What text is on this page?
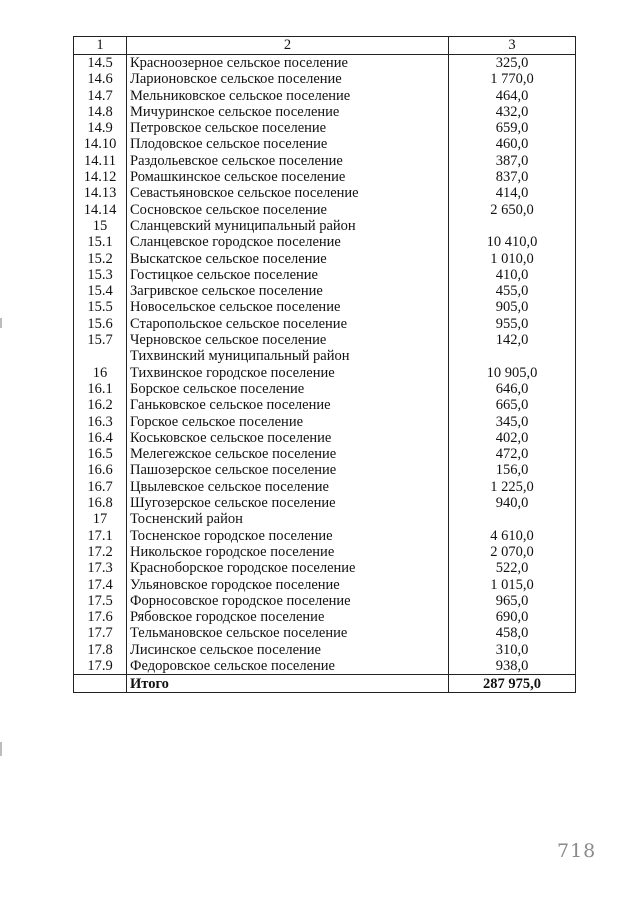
1	2	3
14.5	Красноозерное сельское поселение	325,0
14.6	Ларионовское сельское поселение	1 770,0
14.7	Мельниковское сельское поселение	464,0
14.8	Мичуринское сельское поселение	432,0
14.9	Петровское сельское поселение	659,0
14.10	Плодовское сельское поселение	460,0
14.11	Раздольевское сельское поселение	387,0
14.12	Ромашкинское сельское поселение	837,0
14.13	Севастьяновское сельское поселение	414,0
14.14	Сосновское сельское поселение	2 650,0
15	Сланцевский муниципальный район	
15.1	Сланцевское городское поселение	10 410,0
15.2	Выскатское сельское поселение	1 010,0
15.3	Гостицкое сельское поселение	410,0
15.4	Загривское сельское поселение	455,0
15.5	Новосельское сельское поселение	905,0
15.6	Старопольское сельское поселение	955,0
15.7	Черновское сельское поселение	142,0
	Тихвинский муниципальный район	
16	Тихвинское городское поселение	10 905,0
16.1	Борское сельское поселение	646,0
16.2	Ганьковское сельское поселение	665,0
16.3	Горское сельское поселение	345,0
16.4	Коськовское сельское поселение	402,0
16.5	Мелегежское сельское поселение	472,0
16.6	Пашозерское сельское поселение	156,0
16.7	Цвылевское сельское поселение	1 225,0
16.8	Шугозерское сельское поселение	940,0
17	Тосненский район	
17.1	Тосненское городское поселение	4 610,0
17.2	Никольское городское поселение	2 070,0
17.3	Красноборское городское поселение	522,0
17.4	Ульяновское городское поселение	1 015,0
17.5	Форносовское городское поселение	965,0
17.6	Рябовское городское поселение	690,0
17.7	Тельмановское сельское поселение	458,0
17.8	Лисинское сельское поселение	310,0
17.9	Федоровское сельское поселение	938,0
	Итого	287 975,0
718
